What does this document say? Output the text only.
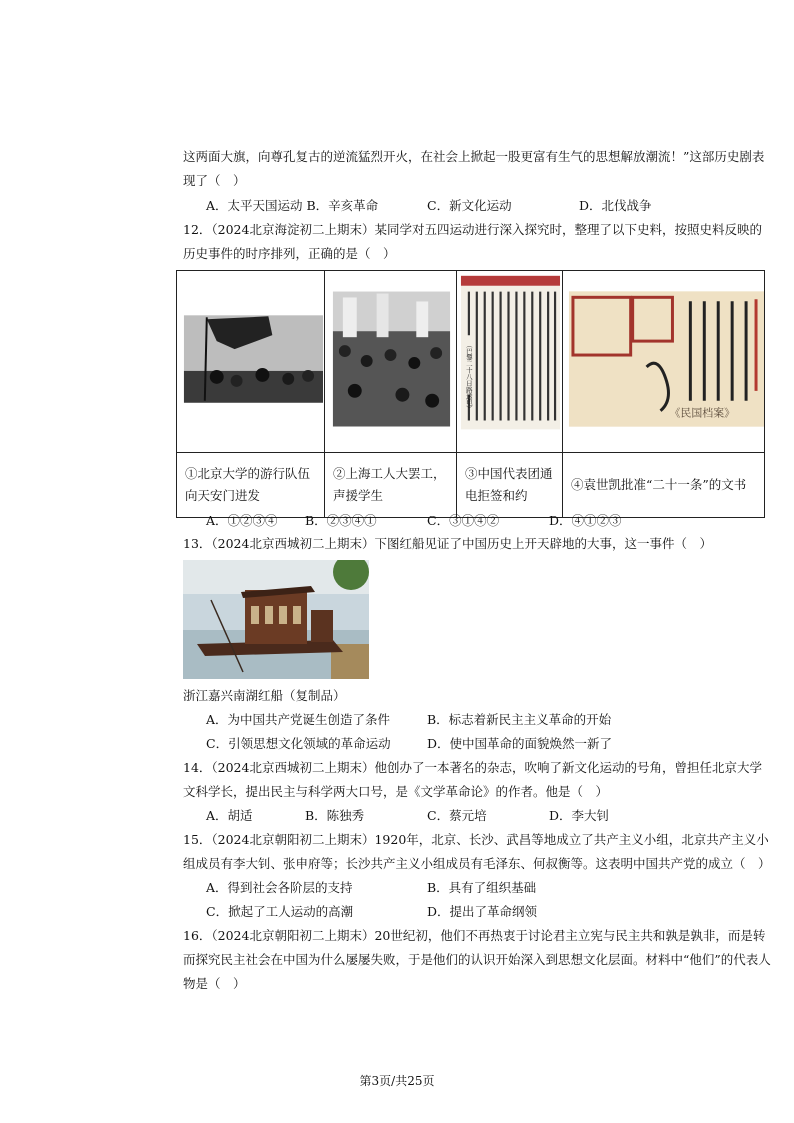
这两面大旗，向尊孔复古的逆流猛烈开火，在社会上掀起一股更富有生气的思想解放潮流！”这部历史剧表
现了（　）
A．太平天国运动 B．辛亥革命	C．新文化运动	D．北伐战争
12．（2024北京海淀初二上期末）某同学对五四运动进行深入探究时，整理了以下史料，按照史料反映的
历史事件的时序排列，正确的是（　）

（巴黎二十八日路透电）	《民国档案》

①北京大学的游行队伍向天安门进发	②上海工人大罢工，声援学生	③中国代表团通电拒签和约	④袁世凯批准“二十一条”的文书
A．①②③④ B．②③④①	C．③①④②	D．④①②③
13．（2024北京西城初二上期末）下图红船见证了中国历史上开天辟地的大事，这一事件（　）
浙江嘉兴南湖红船（复制品）
A．为中国共产党诞生创造了条件	B．标志着新民主主义革命的开始
C．引领思想文化领域的革命运动	D．使中国革命的面貌焕然一新了
14．（2024北京西城初二上期末）他创办了一本著名的杂志，吹响了新文化运动的号角，曾担任北京大学
文科学长，提出民主与科学两大口号，是《文学革命论》的作者。他是（　）
A．胡适	B．陈独秀	C．蔡元培	D．李大钊
15．（2024北京朝阳初二上期末）1920年，北京、长沙、武昌等地成立了共产主义小组，北京共产主义小
组成员有李大钊、张申府等；长沙共产主义小组成员有毛泽东、何叔衡等。这表明中国共产党的成立（　）
A．得到社会各阶层的支持	B．具有了组织基础
C．掀起了工人运动的高潮	D．提出了革命纲领
16．（2024北京朝阳初二上期末）20世纪初，他们不再热衷于讨论君主立宪与民主共和孰是孰非，而是转
而探究民主社会在中国为什么屡屡失败，于是他们的认识开始深入到思想文化层面。材料中“他们”的代表人
物是（　）
第3页/共25页
